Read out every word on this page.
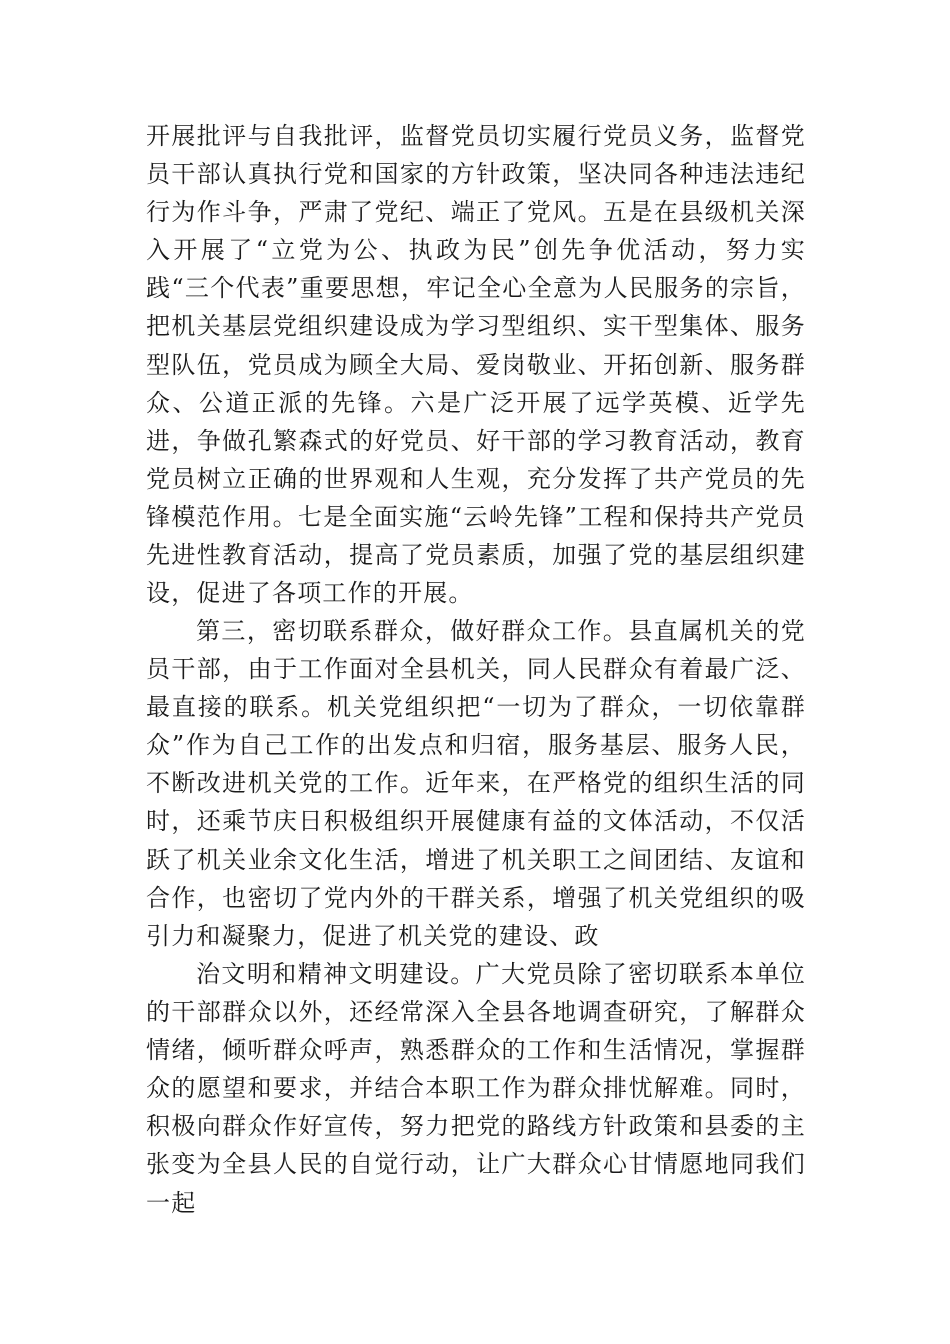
开展批评与自我批评，监督党员切实履行党员义务，监督党员干部认真执行党和国家的方针政策，坚决同各种违法违纪行为作斗争，严肃了党纪、端正了党风。五是在县级机关深入开展了“立党为公、执政为民”创先争优活动，努力实践“三个代表”重要思想，牢记全心全意为人民服务的宗旨，把机关基层党组织建设成为学习型组织、实干型集体、服务型队伍，党员成为顾全大局、爱岗敬业、开拓创新、服务群众、公道正派的先锋。六是广泛开展了远学英模、近学先进，争做孔繁森式的好党员、好干部的学习教育活动，教育党员树立正确的世界观和人生观，充分发挥了共产党员的先锋模范作用。七是全面实施“云岭先锋”工程和保持共产党员先进性教育活动，提高了党员素质，加强了党的基层组织建设，促进了各项工作的开展。

第三，密切联系群众，做好群众工作。县直属机关的党员干部，由于工作面对全县机关，同人民群众有着最广泛、最直接的联系。机关党组织把“一切为了群众，一切依靠群众”作为自己工作的出发点和归宿，服务基层、服务人民，不断改进机关党的工作。近年来，在严格党的组织生活的同时，还乘节庆日积极组织开展健康有益的文体活动，不仅活跃了机关业余文化生活，增进了机关职工之间团结、友谊和合作，也密切了党内外的干群关系，增强了机关党组织的吸引力和凝聚力，促进了机关党的建设、政

治文明和精神文明建设。广大党员除了密切联系本单位的干部群众以外，还经常深入全县各地调查研究，了解群众情绪，倾听群众呼声，熟悉群众的工作和生活情况，掌握群众的愿望和要求，并结合本职工作为群众排忧解难。同时，积极向群众作好宣传，努力把党的路线方针政策和县委的主张变为全县人民的自觉行动，让广大群众心甘情愿地同我们一起
